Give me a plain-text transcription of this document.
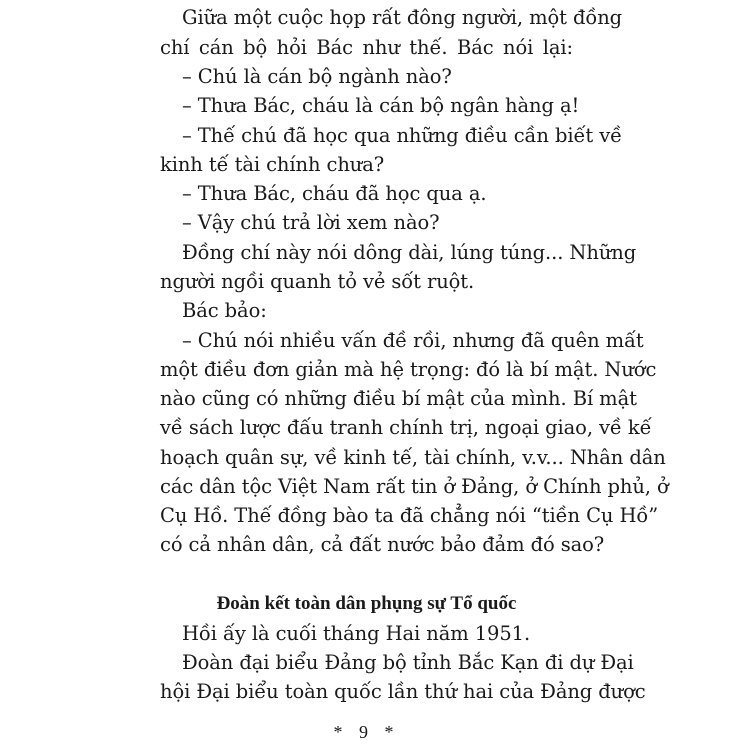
Giữa một cuộc họp rất đông người, một đồng
chí cán bộ hỏi Bác như thế. Bác nói lại:
– Chú là cán bộ ngành nào?
– Thưa Bác, cháu là cán bộ ngân hàng ạ!
– Thế chú đã học qua những điều cần biết về
kinh tế tài chính chưa?
– Thưa Bác, cháu đã học qua ạ.
– Vậy chú trả lời xem nào?
Đồng chí này nói dông dài, lúng túng... Những
người ngồi quanh tỏ vẻ sốt ruột.
Bác bảo:
– Chú nói nhiều vấn đề rồi, nhưng đã quên mất
một điều đơn giản mà hệ trọng: đó là bí mật. Nước
nào cũng có những điều bí mật của mình. Bí mật
về sách lược đấu tranh chính trị, ngoại giao, về kế
hoạch quân sự, về kinh tế, tài chính, v.v... Nhân dân
các dân tộc Việt Nam rất tin ở Đảng, ở Chính phủ, ở
Cụ Hồ. Thế đồng bào ta đã chẳng nói “tiền Cụ Hồ”
có cả nhân dân, cả đất nước bảo đảm đó sao?
Đoàn kết toàn dân phụng sự Tổ quốc
Hồi ấy là cuối tháng Hai năm 1951.
Đoàn đại biểu Đảng bộ tỉnh Bắc Kạn đi dự Đại
hội Đại biểu toàn quốc lần thứ hai của Đảng được
* 9 *
